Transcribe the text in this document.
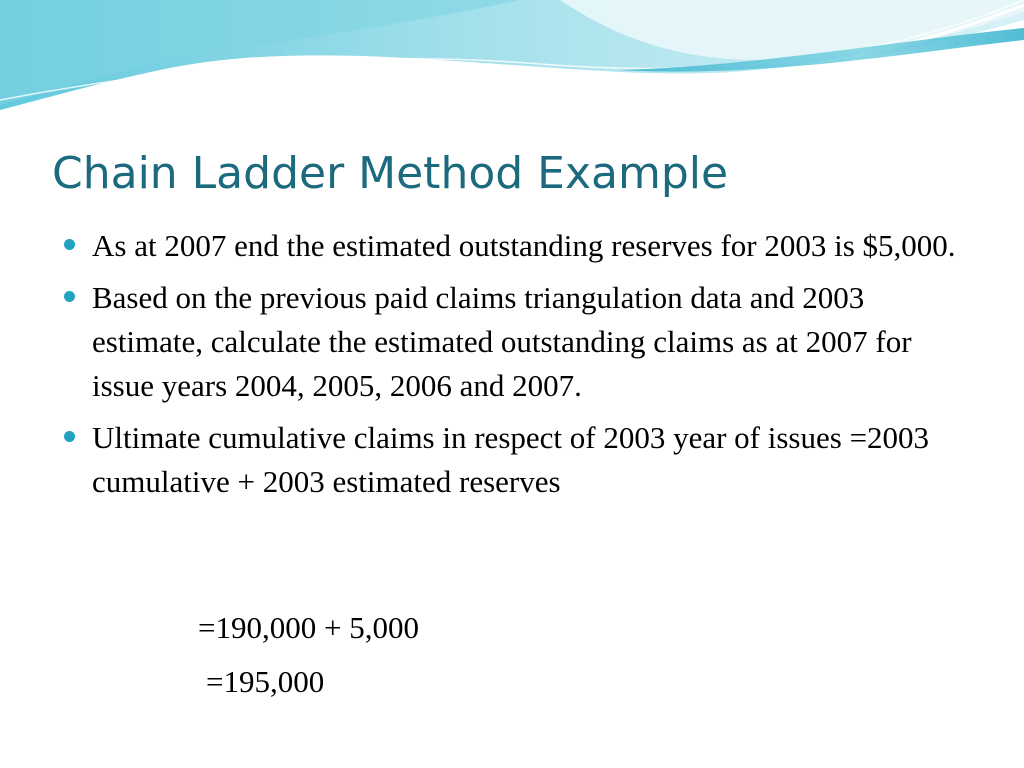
Chain Ladder Method Example
As at 2007 end the estimated outstanding reserves for 2003 is $5,000.
Based on the previous paid claims triangulation data and 2003 estimate, calculate the estimated outstanding claims as at 2007 for issue years 2004, 2005, 2006 and 2007.
Ultimate cumulative claims in respect of 2003 year of issues =2003 cumulative + 2003 estimated reserves
=190,000 + 5,000
=195,000
